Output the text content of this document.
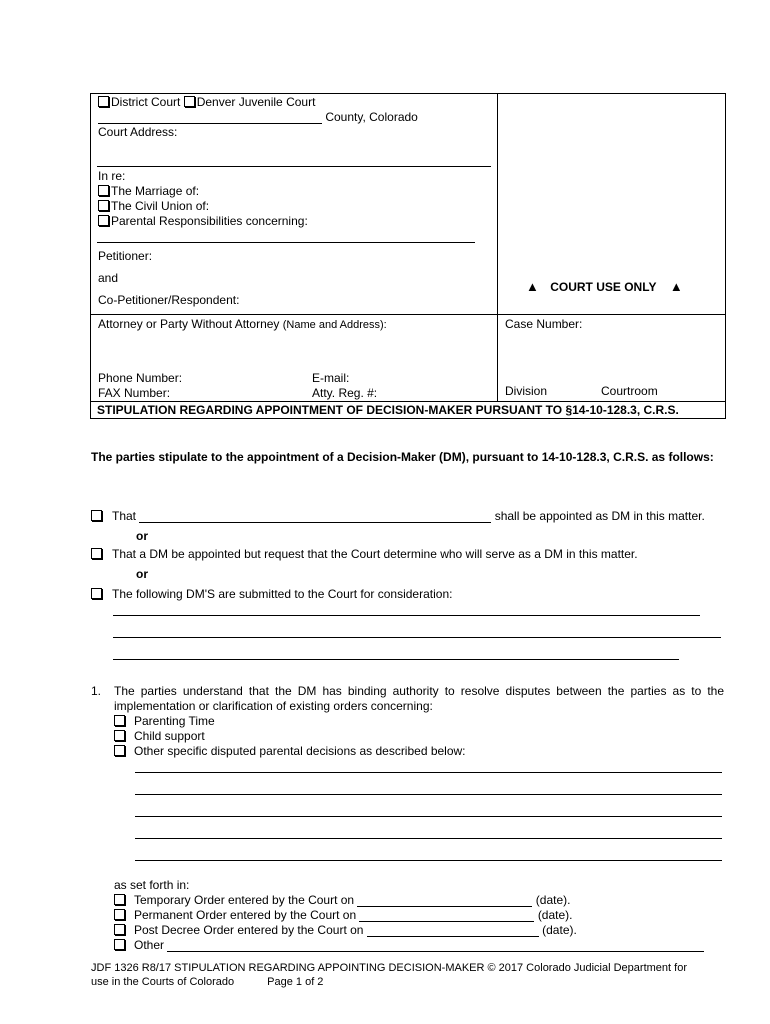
District Court Denver Juvenile Court
County, Colorado
Court Address:
In re:
The Marriage of:
The Civil Union of:
Parental Responsibilities concerning:
Petitioner:
and
Co-Petitioner/Respondent:
▲ COURT USE ONLY ▲
Attorney or Party Without Attorney (Name and Address):	Case Number:
Phone Number:	E-mail:
FAX Number:	Atty. Reg. #:	Division	Courtroom
STIPULATION REGARDING APPOINTMENT OF DECISION-MAKER PURSUANT TO §14-10-128.3, C.R.S.
The parties stipulate to the appointment of a Decision-Maker (DM), pursuant to 14-10-128.3, C.R.S. as follows:
That	shall be appointed as DM in this matter.
or
That a DM be appointed but request that the Court determine who will serve as a DM in this matter.
or
The following DM'S are submitted to the Court for consideration:
1. The parties understand that the DM has binding authority to resolve disputes between the parties as to the
implementation or clarification of existing orders concerning:
Parenting Time
Child support
Other specific disputed parental decisions as described below:
as set forth in:
Temporary Order entered by the Court on	(date).
Permanent Order entered by the Court on	(date).
Post Decree Order entered by the Court on	(date).
Other
JDF 1326 R8/17 STIPULATION REGARDING APPOINTING DECISION-MAKER © 2017 Colorado Judicial Department for
use in the Courts of Colorado	Page 1 of 2
